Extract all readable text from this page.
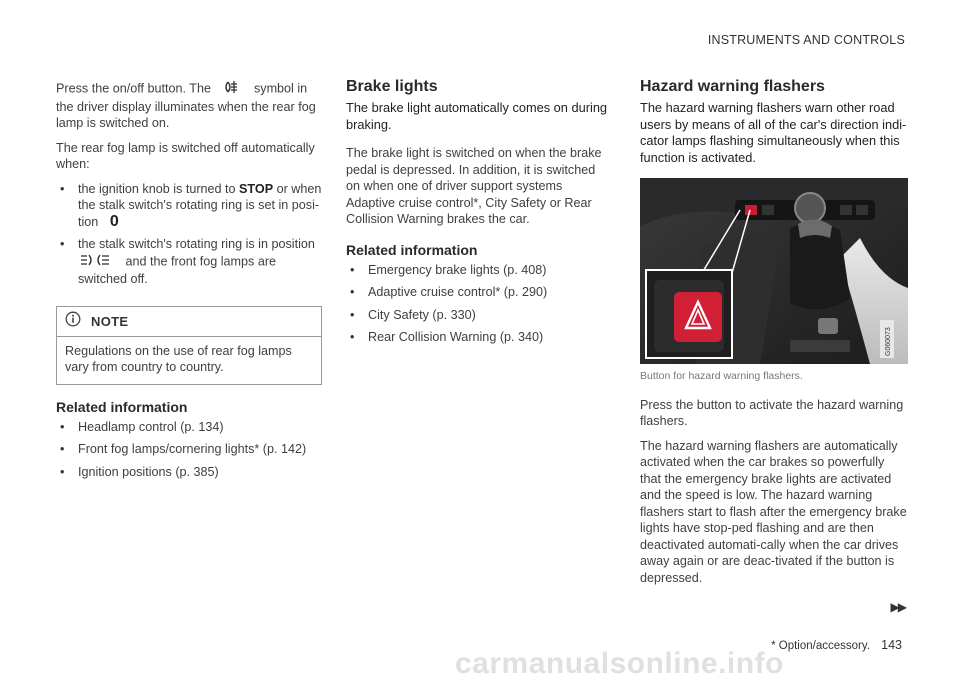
INSTRUMENTS AND CONTROLS

Press the on/off button. The	symbol in the driver display illuminates when the rear fog lamp is switched on.

The rear fog lamp is switched off automatically when:

• the ignition knob is turned to STOP or when the stalk switch's rotating ring is set in posi-tion 0
• the stalk switch's rotating ring is in position  and the front fog lamps are switched off.
NOTE
Regulations on the use of rear fog lamps vary from country to country.
Related information
• Headlamp control (p. 134)
• Front fog lamps/cornering lights* (p. 142)
• Ignition positions (p. 385)
Brake lights

The brake light automatically comes on during braking.

The brake light is switched on when the brake pedal is depressed. In addition, it is switched on when one of driver support systems Adaptive cruise control*, City Safety or Rear Collision Warning brakes the car.

Related information
• Emergency brake lights (p. 408)
• Adaptive cruise control* (p. 290)
• City Safety (p. 330)
• Rear Collision Warning (p. 340)
Hazard warning flashers

The hazard warning flashers warn other road users by means of all of the car's direction indi-cator lamps flashing simultaneously when this function is activated.

G060073

Button for hazard warning flashers.

Press the button to activate the hazard warning flashers.

The hazard warning flashers are automatically activated when the car brakes so powerfully that the emergency brake lights are activated and the speed is low. The hazard warning flashers start to flash after the emergency brake lights have stop-ped flashing and are then deactivated automati-cally when the car drives away again or are deac-tivated if the button is depressed.

▶▶
* Option/accessory. 143
carmanualsonline.info
